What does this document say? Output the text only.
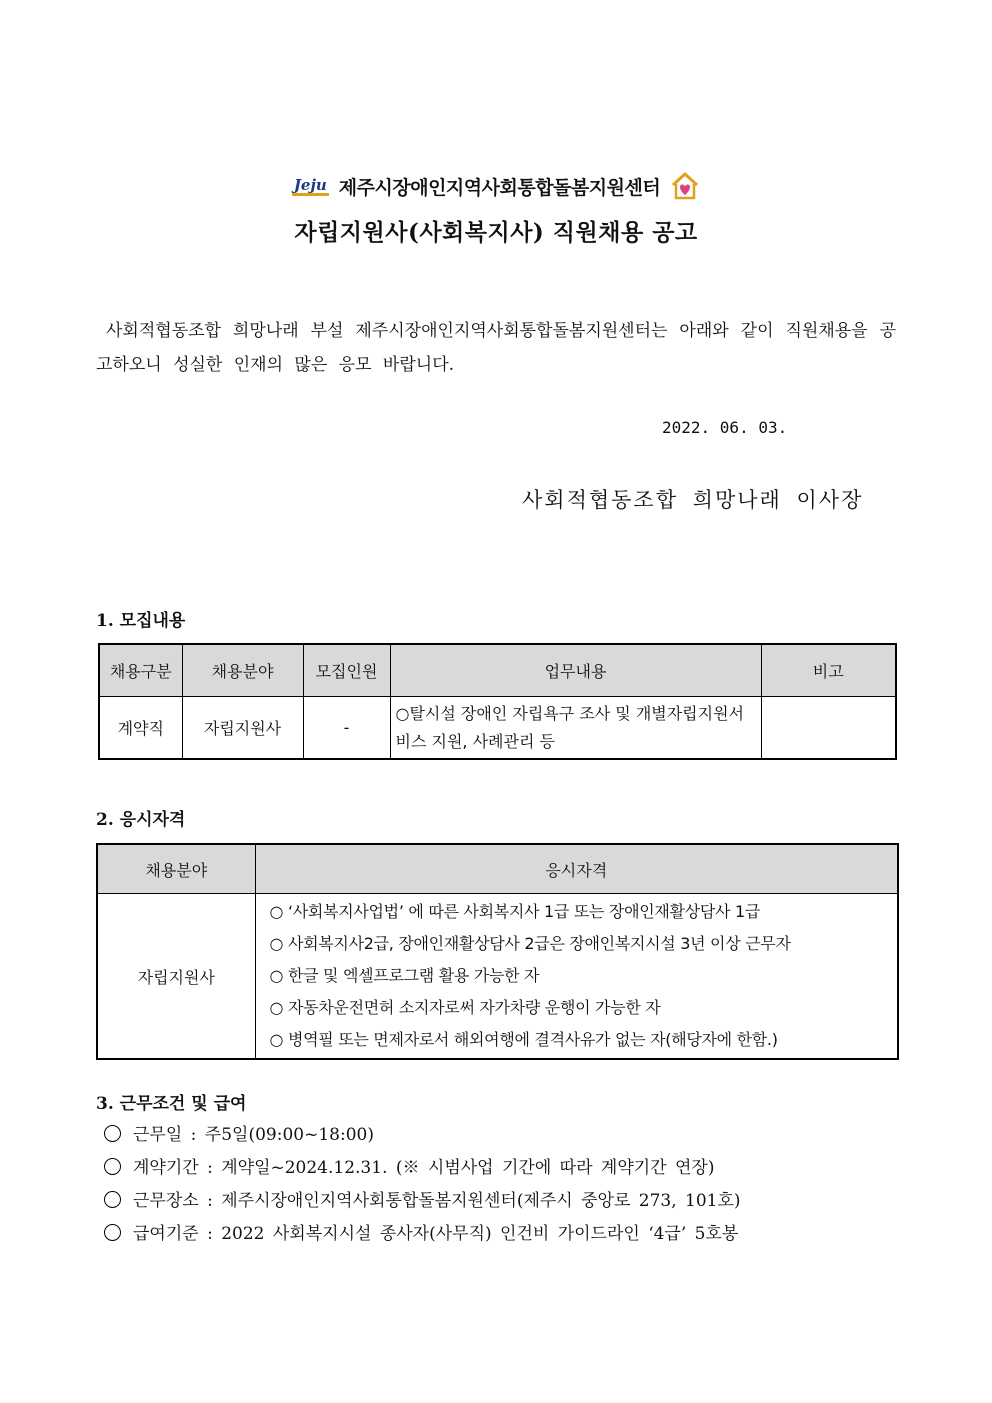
Jeju 제주시장애인지역사회통합돌봄지원센터
자립지원사(사회복지사) 직원채용 공고
사회적협동조합 희망나래 부설 제주시장애인지역사회통합돌봄지원센터는 아래와 같이 직원채용을 공고하오니 성실한 인재의 많은 응모 바랍니다.
2022. 06. 03.
사회적협동조합 희망나래 이사장
1. 모집내용
채용구분	채용분야	모집인원	업무내용	비고
계약직	자립지원사	-	○탈시설 장애인 자립욕구 조사 및 개별자립지원서비스 지원, 사례관리 등	
2. 응시자격
채용분야	응시자격
자립지원사	○ ‘사회복지사업법’ 에 따른 사회복지사 1급 또는 장애인재활상담사 1급
○ 사회복지사2급, 장애인재활상담사 2급은 장애인복지시설 3년 이상 근무자
○ 한글 및 엑셀프로그램 활용 가능한 자
○ 자동차운전면허 소지자로써 자가차량 운행이 가능한 자
○ 병역필 또는 면제자로서 해외여행에 결격사유가 없는 자(해당자에 한함.)
3. 근무조건 및 급여
근무일 : 주5일(09:00~18:00)
계약기간 : 계약일~2024.12.31. (※ 시범사업 기간에 따라 계약기간 연장)
근무장소 : 제주시장애인지역사회통합돌봄지원센터(제주시 중앙로 273, 101호)
급여기준 : 2022 사회복지시설 종사자(사무직) 인건비 가이드라인 ‘4급’ 5호봉
